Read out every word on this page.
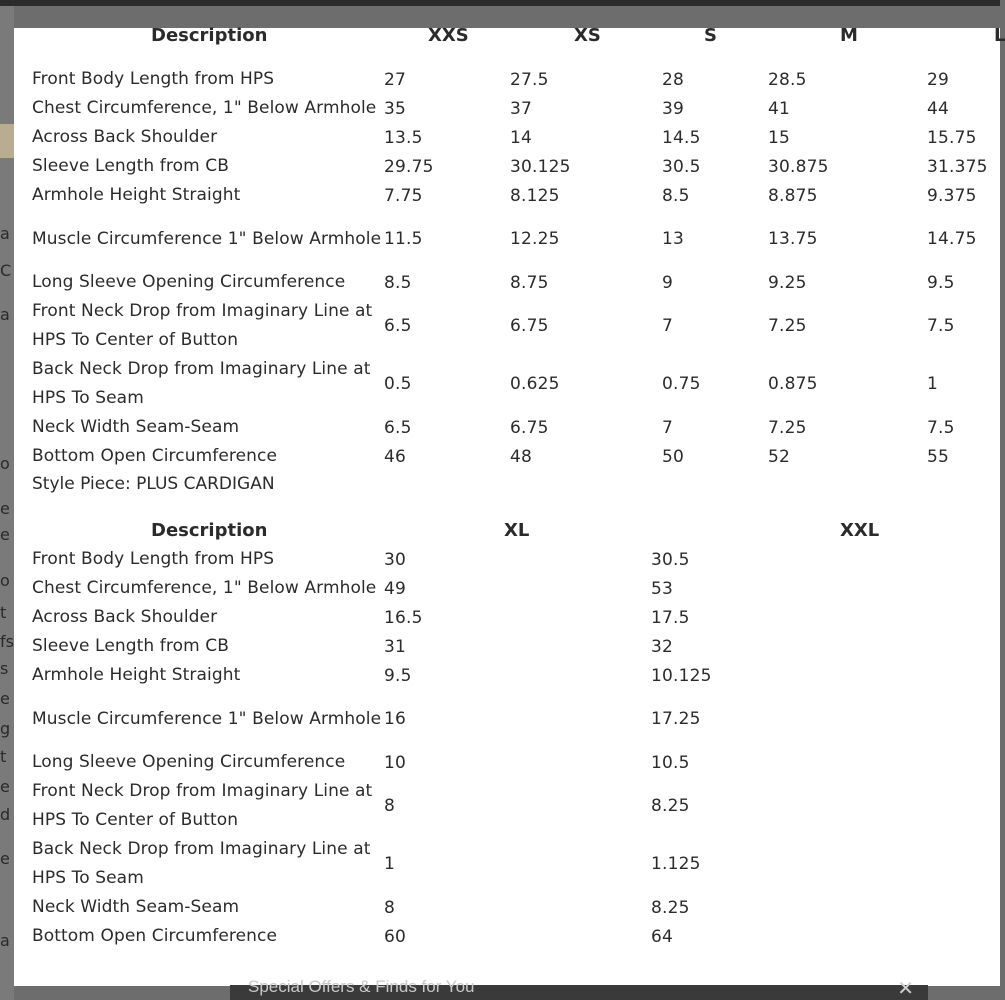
a
C
a
o
e
e
o
t
fs
s
e
g
t
e
d
e
a
Description	XXS	XS	S	M	L
Front Body Length from HPS	27	27.5	28	28.5	29
Chest Circumference, 1" Below Armhole 35	37	39	41	44
Across Back Shoulder	13.5	14	14.5	15	15.75
Sleeve Length from CB	29.75	30.125	30.5	30.875	31.375
Armhole Height Straight	7.75	8.125	8.5	8.875	9.375
Muscle Circumference 1" Below Armhole 11.5	12.25	13	13.75	14.75
Long Sleeve Opening Circumference	8.5	8.75	9	9.25	9.5
Front Neck Drop from Imaginary Line at HPS To Center of Button
6.5	6.75	7	7.25	7.5
Back Neck Drop from Imaginary Line at HPS To Seam
0.5	0.625	0.75	0.875	1
Neck Width Seam-Seam	6.5	6.75	7	7.25	7.5
Bottom Open Circumference	46	48	50	52	55
Style Piece: PLUS CARDIGAN
Description	XL	XXL
Front Body Length from HPS	30	30.5
Chest Circumference, 1" Below Armhole 49	53
Across Back Shoulder	16.5	17.5
Sleeve Length from CB	31	32
Armhole Height Straight	9.5	10.125
Muscle Circumference 1" Below Armhole 16	17.25
Long Sleeve Opening Circumference	10	10.5
Front Neck Drop from Imaginary Line at HPS To Center of Button
8	8.25
Back Neck Drop from Imaginary Line at HPS To Seam
1	1.125
Neck Width Seam-Seam	8	8.25
Bottom Open Circumference	60	64
Special Offers & Finds for You	✕
